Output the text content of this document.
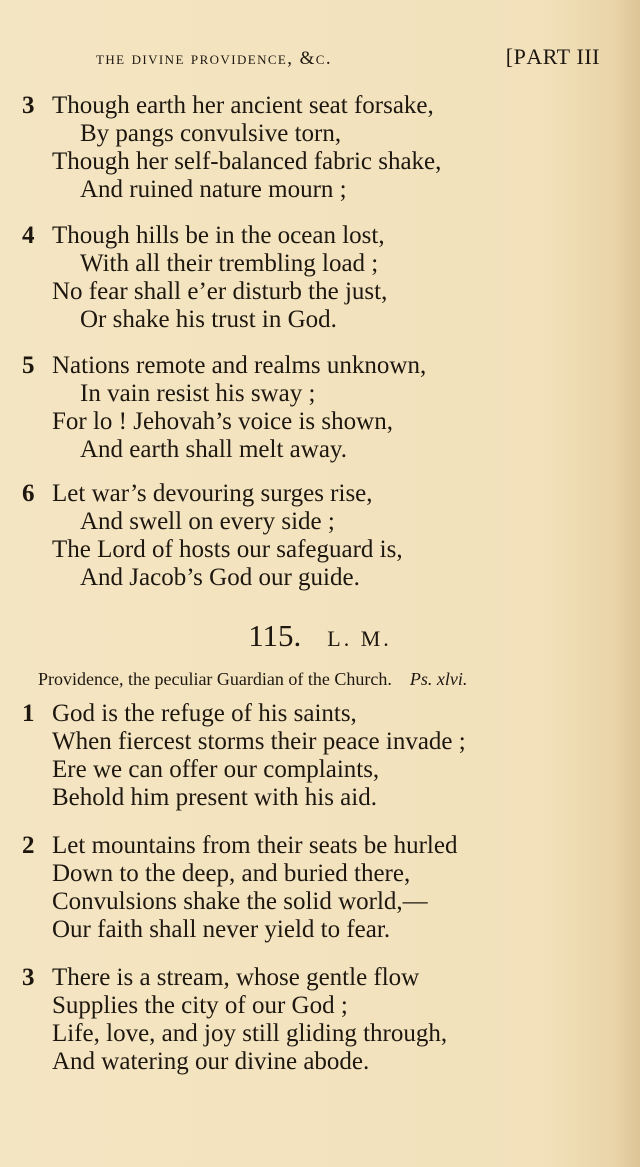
the divine providence, &c.	[PART III
3 Though earth her ancient seat forsake,
By pangs convulsive torn,
Though her self-balanced fabric shake,
And ruined nature mourn ;
4 Though hills be in the ocean lost,
With all their trembling load ;
No fear shall e’er disturb the just,
Or shake his trust in God.
5 Nations remote and realms unknown,
In vain resist his sway ;
For lo ! Jehovah’s voice is shown,
And earth shall melt away.
6 Let war’s devouring surges rise,
And swell on every side ;
The Lord of hosts our safeguard is,
And Jacob’s God our guide.
115. L. M.
Providence, the peculiar Guardian of the Church. Ps. xlvi.
1 God is the refuge of his saints,
When fiercest storms their peace invade ;
Ere we can offer our complaints,
Behold him present with his aid.
2 Let mountains from their seats be hurled
Down to the deep, and buried there,
Convulsions shake the solid world,—
Our faith shall never yield to fear.
3 There is a stream, whose gentle flow
Supplies the city of our God ;
Life, love, and joy still gliding through,
And watering our divine abode.
